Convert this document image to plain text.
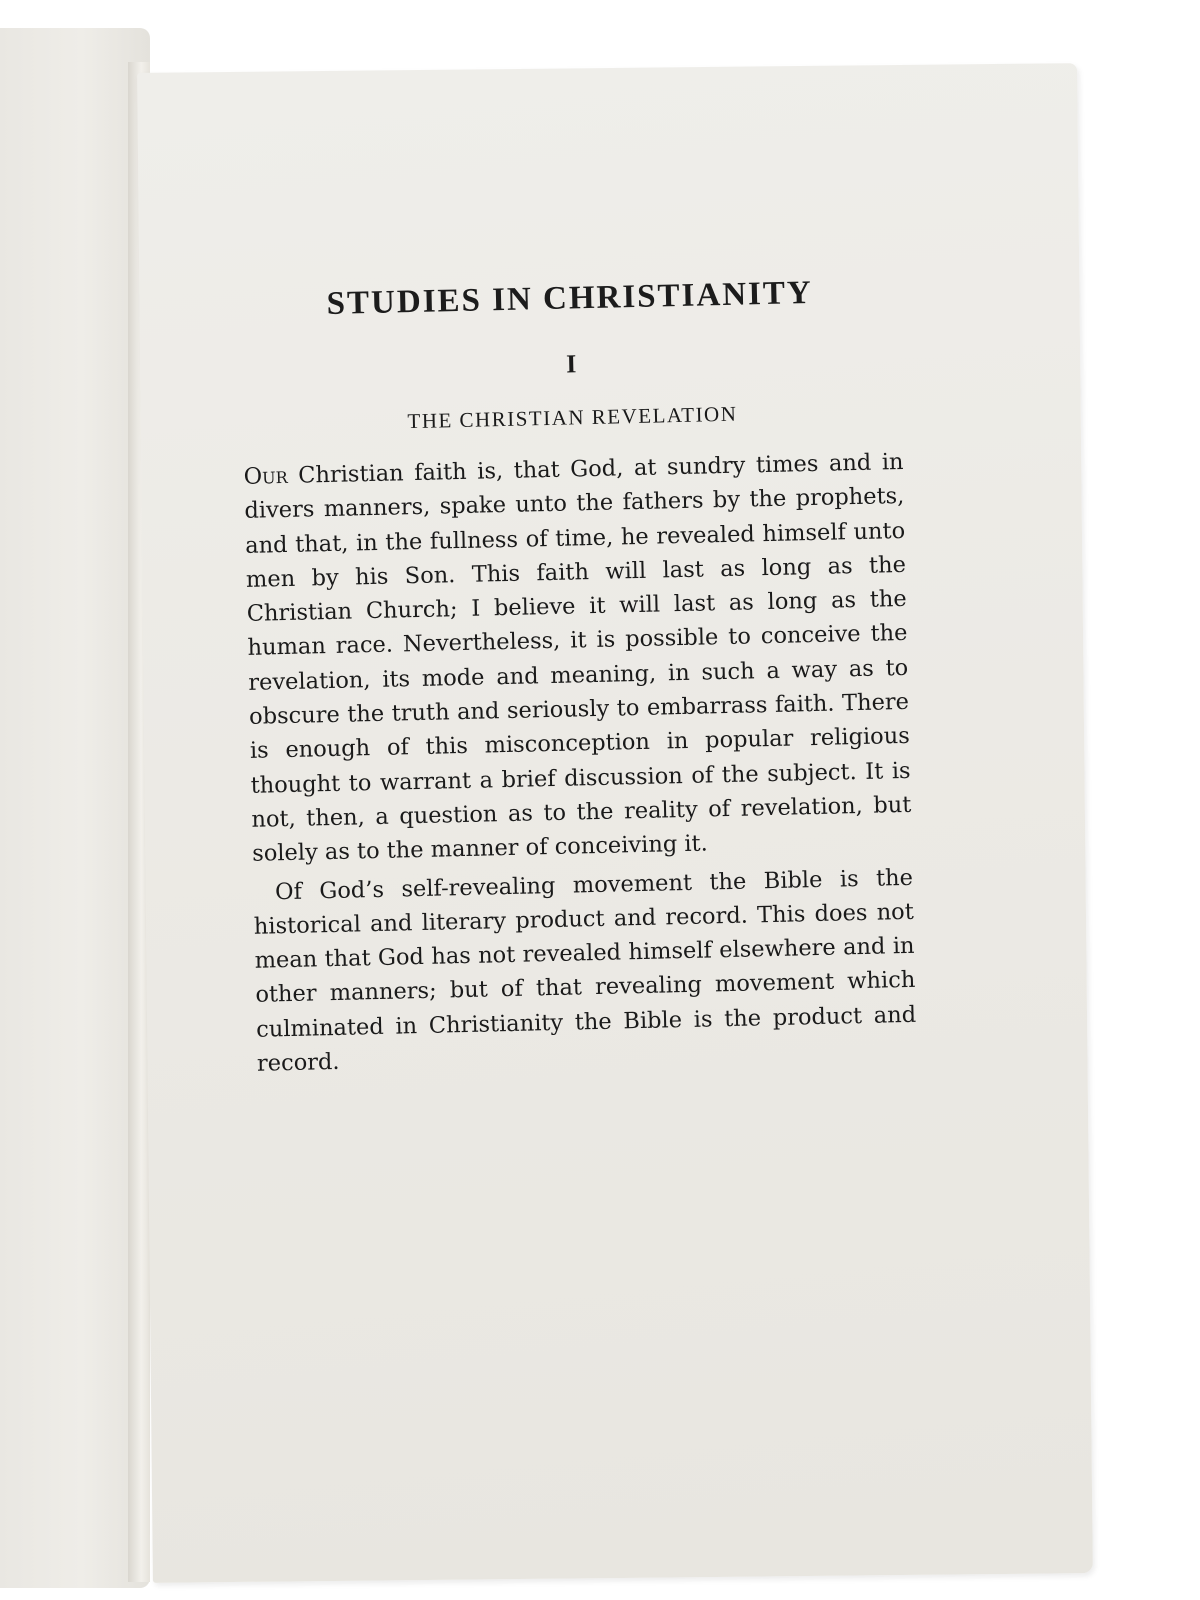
STUDIES IN CHRISTIANITY
I
THE CHRISTIAN REVELATION

Our Christian faith is, that God, at sundry times and in divers manners, spake unto the fathers by the prophets, and that, in the fullness of time, he revealed himself unto men by his Son. This faith will last as long as the Christian Church; I believe it will last as long as the human race. Nevertheless, it is possible to conceive the revelation, its mode and meaning, in such a way as to obscure the truth and seriously to embarrass faith. There is enough of this misconception in popular religious thought to warrant a brief discussion of the subject. It is not, then, a question as to the reality of revelation, but solely as to the manner of conceiving it.

Of God’s self-revealing movement the Bible is the historical and literary product and record. This does not mean that God has not revealed himself elsewhere and in other manners; but of that revealing movement which culminated in Christianity the Bible is the product and record.
